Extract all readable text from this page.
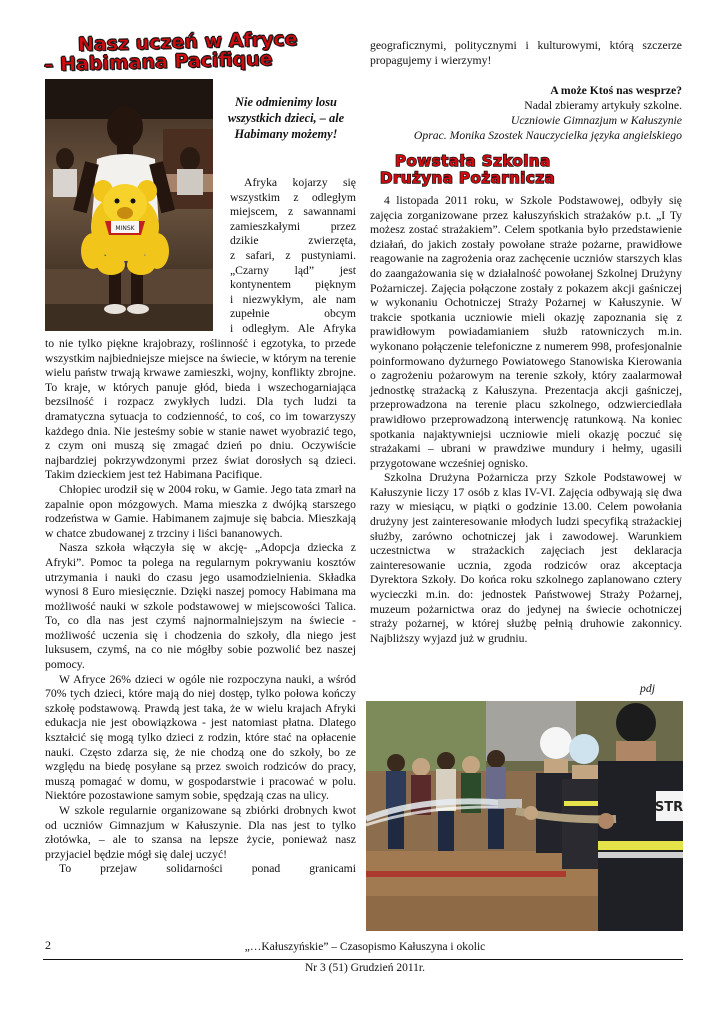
Nasz uczeń w Afryce
– Habimana Pacifique
MINSK
Nie odmienimy losu wszystkich dzieci, – ale Habimany możemy!
Afryka kojarzy się
wszystkim z odległym
miejscem, z sawannami
zamieszkałymi przez
dzikie zwierzęta,
z safari, z pustyniami.
„Czarny ląd” jest
kontynentem pięknym
i niezwykłym, ale nam
zupełnie obcym
i odległym. Ale Afryka

to nie tylko piękne krajobrazy, roślinność i egzotyka, to przede wszystkim najbiedniejsze miejsce na świecie, w którym na terenie wielu państw trwają krwawe zamieszki, wojny, konflikty zbrojne. To kraje, w których panuje głód, bieda i wszechogarniająca bezsilność i rozpacz zwykłych ludzi. Dla tych ludzi ta dramatyczna sytuacja to codzienność, to coś, co im towarzyszy każdego dnia. Nie jesteśmy sobie w stanie nawet wyobrazić tego, z czym oni muszą się zmagać dzień po dniu. Oczywiście najbardziej pokrzywdzonymi przez świat dorosłych są dzieci. Takim dzieckiem jest też Habimana Pacifique.

Chłopiec urodził się w 2004 roku, w Gamie. Jego tata zmarł na zapalnie opon mózgowych. Mama mieszka z dwójką starszego rodzeństwa w Gamie. Habimanem zajmuje się babcia. Mieszkają w chatce zbudowanej z trzciny i liści bananowych.

Nasza szkoła włączyła się w akcję- „Adopcja dziecka z Afryki”. Pomoc ta polega na regularnym pokrywaniu kosztów utrzymania i nauki do czasu jego usamodzielnienia. Składka wynosi 8 Euro miesięcznie. Dzięki naszej pomocy Habimana ma możliwość nauki w szkole podstawowej w miejscowości Talica. To, co dla nas jest czymś najnormalniejszym na świecie - możliwość uczenia się i chodzenia do szkoły, dla niego jest luksusem, czymś, na co nie mógłby sobie pozwolić bez naszej pomocy.

W Afryce 26% dzieci w ogóle nie rozpoczyna nauki, a wśród 70% tych dzieci, które mają do niej dostęp, tylko połowa kończy szkołę podstawową. Prawdą jest taka, że w wielu krajach Afryki edukacja nie jest obowiązkowa - jest natomiast płatna. Dlatego kształcić się mogą tylko dzieci z rodzin, które stać na opłacenie nauki. Często zdarza się, że nie chodzą one do szkoły, bo ze względu na biedę posyłane są przez swoich rodziców do pracy, muszą pomagać w domu, w gospodarstwie i pracować w polu. Niektóre pozostawione samym sobie, spędzają czas na ulicy.

W szkole regularnie organizowane są zbiórki drobnych kwot od uczniów Gimnazjum w Kałuszynie. Dla nas jest to tylko złotówka, – ale to szansa na lepsze życie, ponieważ nasz przyjaciel będzie mógł się dalej uczyć!

To przejaw solidarności ponad granicami

geograficznymi, politycznymi i kulturowymi, którą szczerze propagujemy i wierzymy!
A może Ktoś nas wesprze?
Nadal zbieramy artykuły szkolne.
Uczniowie Gimnazjum w Kałuszynie
Oprac. Monika Szostek Nauczycielka języka angielskiego
Powstała Szkolna
Drużyna Pożarnicza

4 listopada 2011 roku, w Szkole Podstawowej, odbyły się zajęcia zorganizowane przez kałuszyńskich strażaków p.t. „I Ty możesz zostać strażakiem”. Celem spotkania było przedstawienie działań, do jakich zostały powołane straże pożarne, prawidłowe reagowanie na zagrożenia oraz zachęcenie uczniów starszych klas do zaangażowania się w działalność powołanej Szkolnej Drużyny Pożarniczej. Zajęcia połączone zostały z pokazem akcji gaśniczej w wykonaniu Ochotniczej Straży Pożarnej w Kałuszynie. W trakcie spotkania uczniowie mieli okazję zapoznania się z prawidłowym powiadamianiem służb ratowniczych m.in. wykonano połączenie telefoniczne z numerem 998, profesjonalnie poinformowano dyżurnego Powiatowego Stanowiska Kierowania o zagrożeniu pożarowym na terenie szkoły, który zaalarmował jednostkę strażacką z Kałuszyna. Prezentacja akcji gaśniczej, przeprowadzona na terenie placu szkolnego, odzwierciedlała prawidłowo przeprowadzoną interwencję ratunkową. Na koniec spotkania najaktywniejsi uczniowie mieli okazję poczuć się strażakami – ubrani w prawdziwe mundury i hełmy, ugasili przygotowane wcześniej ognisko.

Szkolna Drużyna Pożarnicza przy Szkole Podstawowej w Kałuszynie liczy 17 osób z klas IV-VI. Zajęcia odbywają się dwa razy w miesiącu, w piątki o godzinie 13.00. Celem powołania drużyny jest zainteresowanie młodych ludzi specyfiką strażackiej służby, zarówno ochotniczej jak i zawodowej. Warunkiem uczestnictwa w strażackich zajęciach jest deklaracja zainteresowanie ucznia, zgoda rodziców oraz akceptacja Dyrektora Szkoły. Do końca roku szkolnego zaplanowano cztery wycieczki m.in. do: jednostek Państwowej Straży Pożarnej, muzeum pożarnictwa oraz do jedynej na świecie ochotniczej straży pożarnej, w której służbę pełnią druhowie zakonnicy. Najbliższy wyjazd już w grudniu.

pdj
STR
2	„…Kałuszyńskie” – Czasopismo Kałuszyna i okolic
Nr 3 (51) Grudzień 2011r.
